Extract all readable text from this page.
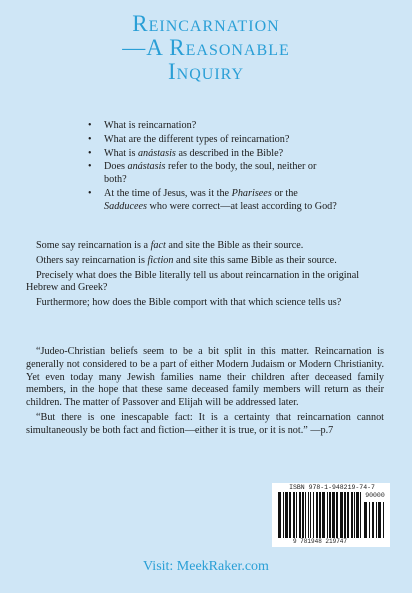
Reincarnation
—A Reasonable
Inquiry
• What is reincarnation?
• What are the different types of reincarnation?
• What is anástasis as described in the Bible?
• Does anástasis refer to the body, the soul, neither or both?
• At the time of Jesus, was it the Pharisees or the Sadducees who were correct—at least according to God?

Some say reincarnation is a fact and site the Bible as their source.

Others say reincarnation is fiction and site this same Bible as their source.

Precisely what does the Bible literally tell us about reincarnation in the original Hebrew and Greek?

Furthermore; how does the Bible comport with that which science tells us?

“Judeo-Christian beliefs seem to be a bit split in this matter. Reincarnation is generally not considered to be a part of either Modern Judaism or Modern Christianity. Yet even today many Jewish families name their children after deceased family members, in the hope that these same deceased family members will return as their children. The matter of Passover and Elijah will be addressed later.

“But there is one inescapable fact: It is a certainty that reincarnation cannot simultaneously be both fact and fiction—either it is true, or it is not.” —p.7

ISBN 978-1-948219-74-7
90000
9 781948 219747
Visit: MeekRaker.com
